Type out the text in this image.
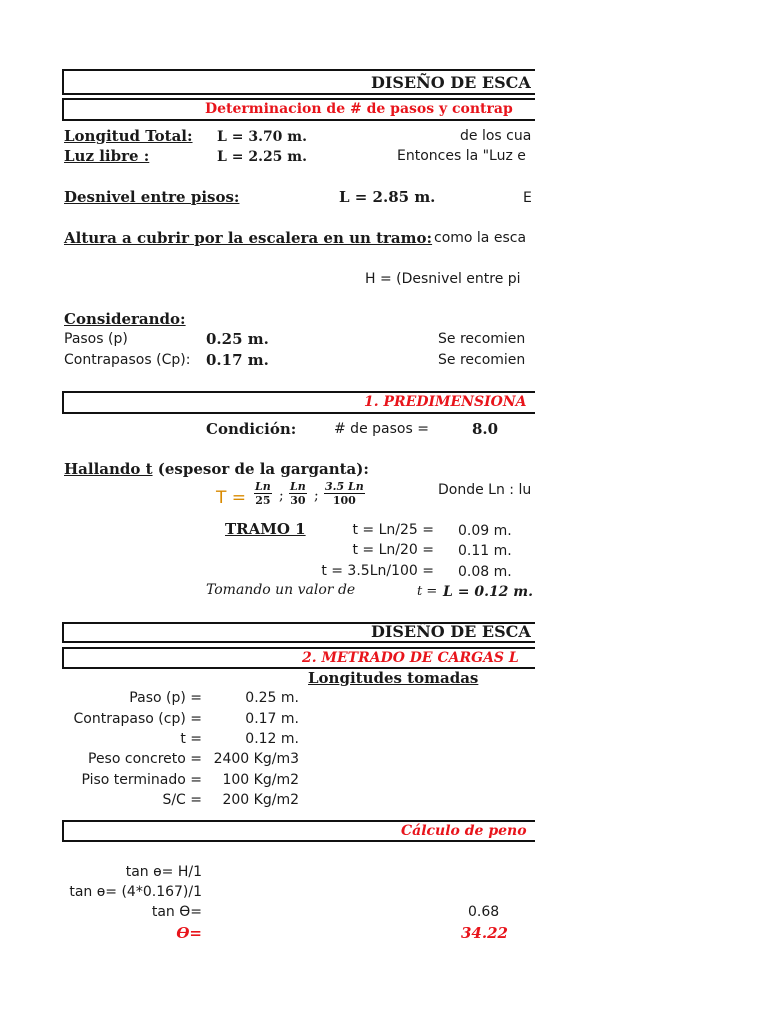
DISEÑO DE ESCA
Determinacion de # de pasos y contrap
Longitud Total: L = 3.70 m.	de los cua
Luz libre :	L = 2.25 m.	Entonces la "Luz e
Desnivel entre pisos:	L = 2.85 m.	E
Altura a cubrir por la escalera en un tramo: como la esca
H = (Desnivel entre pi
Considerando:
Pasos (p)	0.25 m.	Se recomien
Contrapasos (Cp): 0.17 m.	Se recomien
1. PREDIMENSIONA
Condición:	# de pasos =	8.0
Hallando t (espesor de la garganta):
$T = \frac{Ln}{25}$ ; $\frac{Ln}{30}$ ; $\frac{3.5 Ln}{100}$	Donde Ln : lu
TRAMO 1	t = Ln/25 = 0.09 m.
t = Ln/20 = 0.11 m.
t = 3.5Ln/100 = 0.08 m.
Tomando un valor de	t = L = 0.12 m.
DISEÑO DE ESCA
2. METRADO DE CARGAS L
Longitudes tomadas
Paso (p) =	0.25 m.
Contrapaso (cp) =	0.17 m.
t =	0.12 m.
Peso concreto = 2400 Kg/m3
Piso terminado = 100 Kg/m2
S/C = 200 Kg/m2
Cálculo de peno
tan ɵ= H/1
tan ɵ= (4*0.167)/1
tan Ɵ=	0.68
Ɵ=	34.22
